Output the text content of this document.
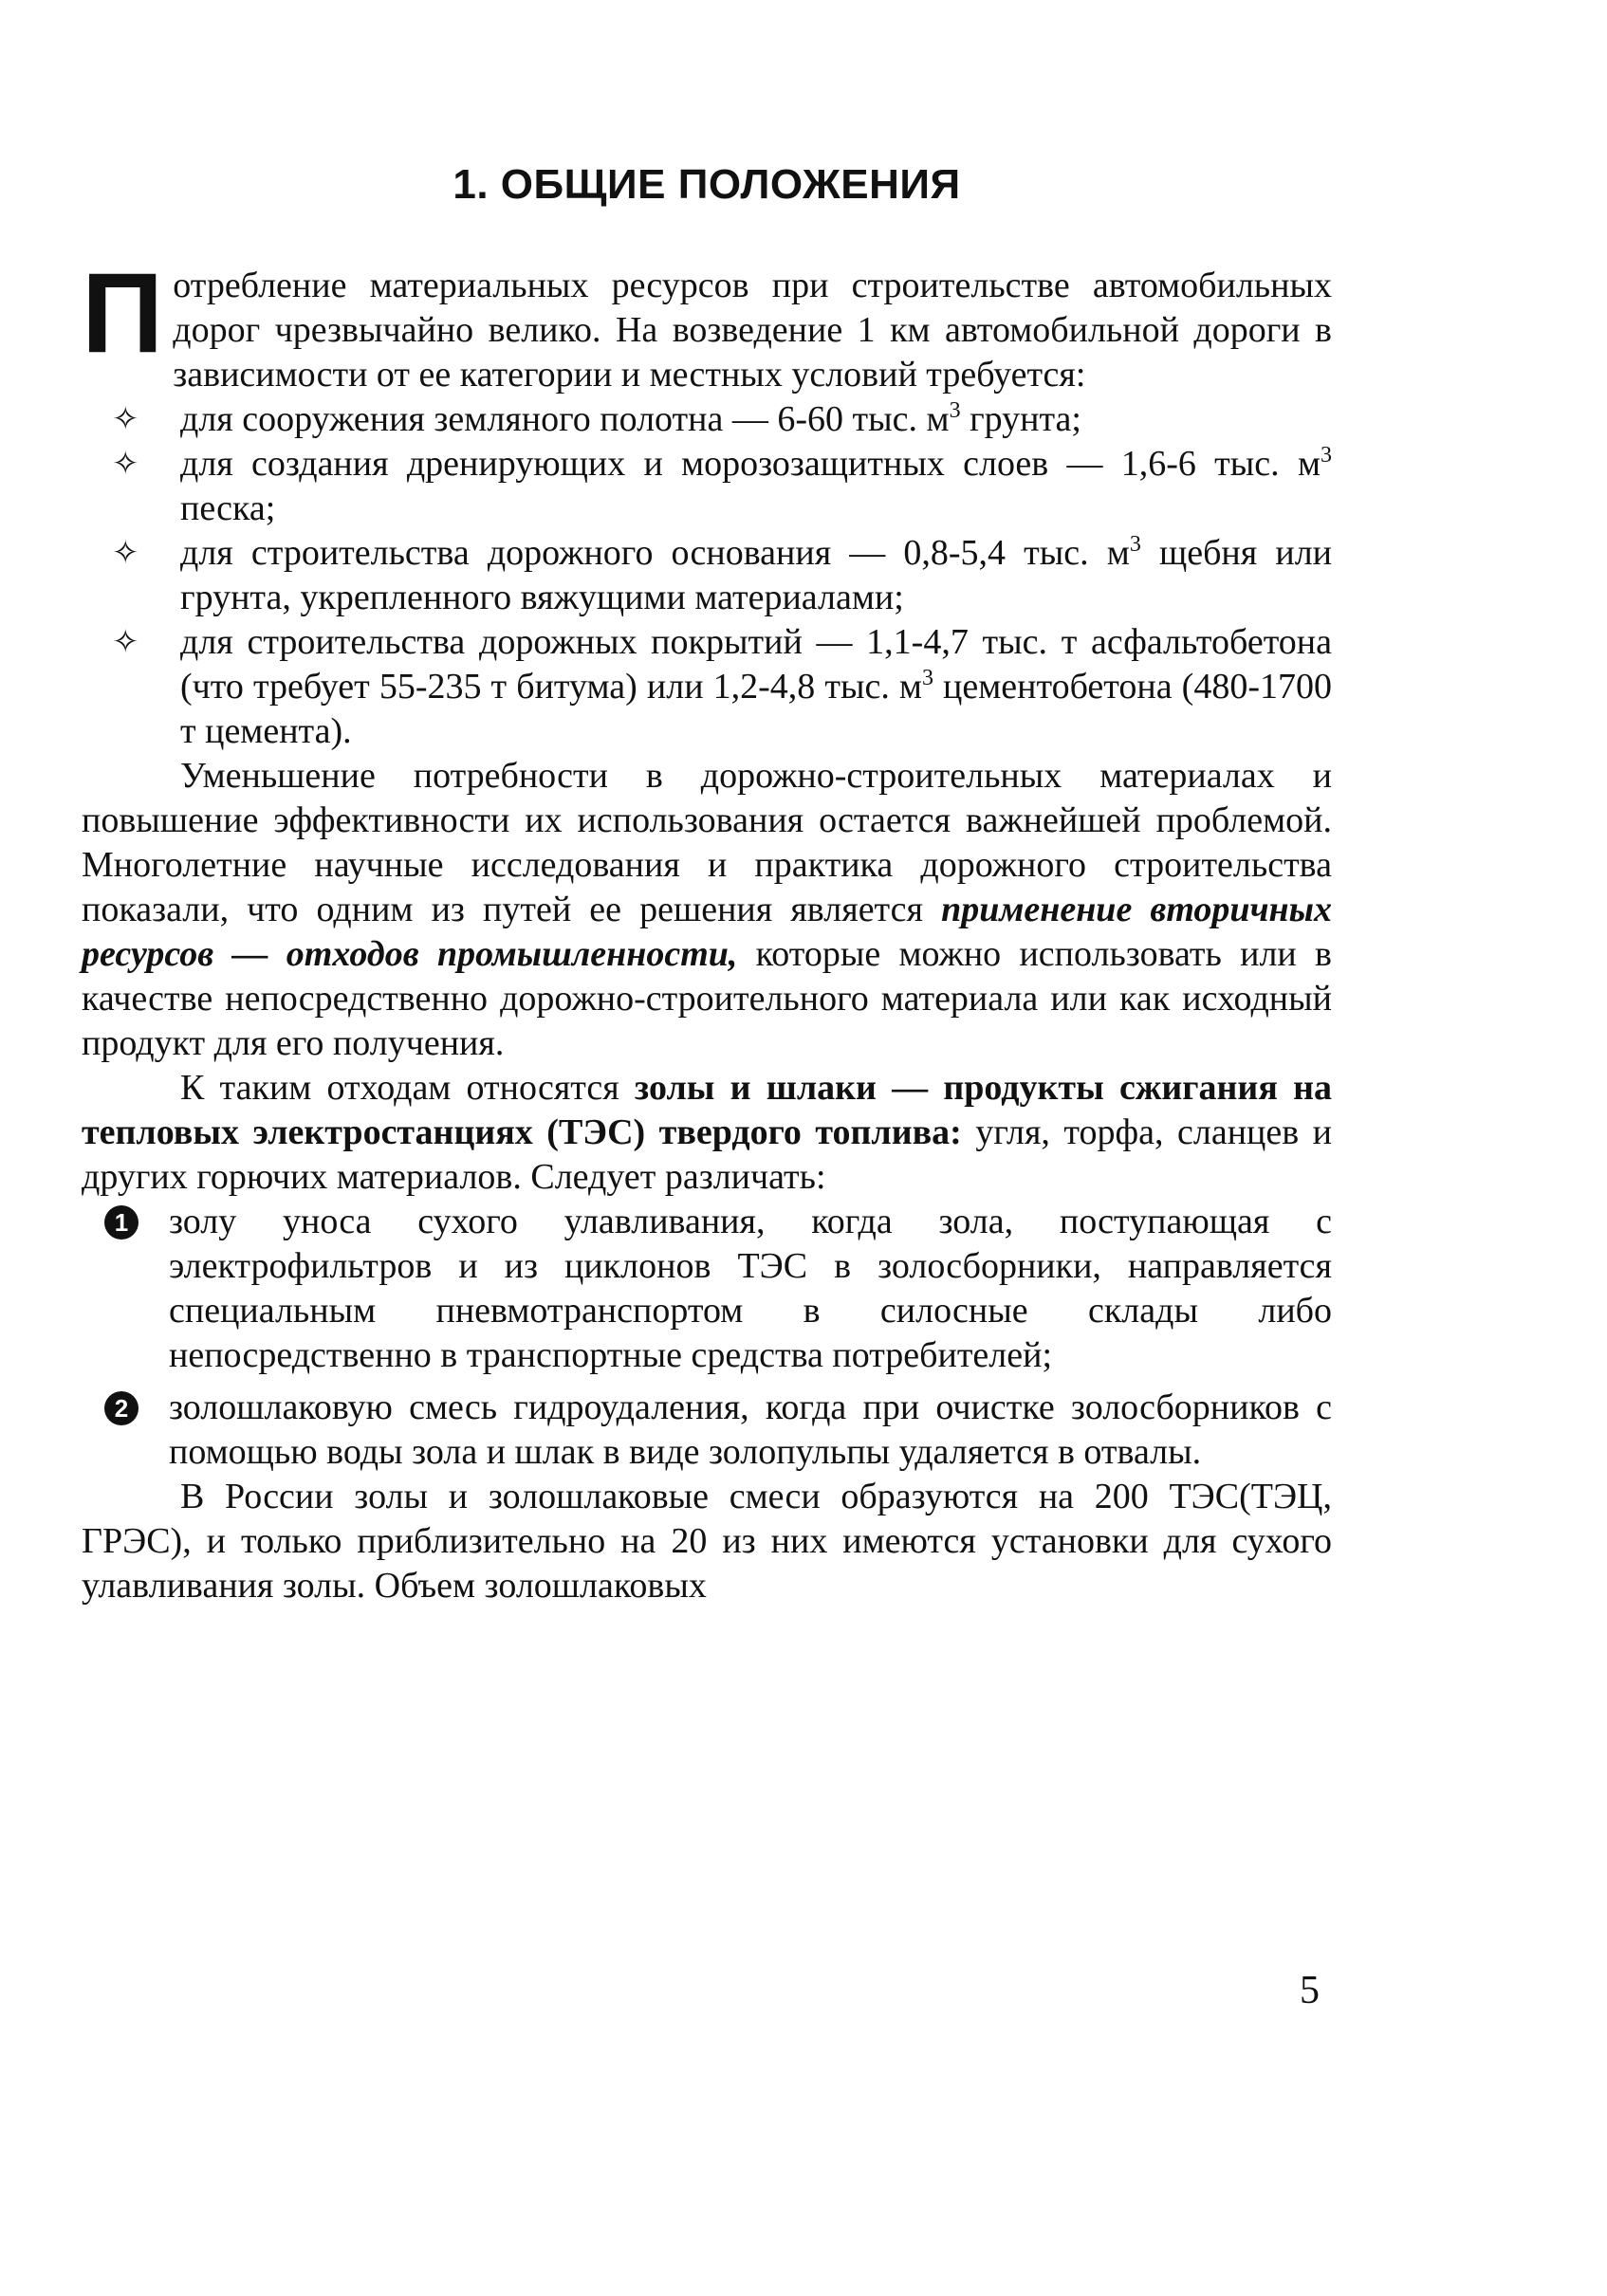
1. ОБЩИЕ ПОЛОЖЕНИЯ

Потребление материальных ресурсов при строительстве автомобильных дорог чрезвычайно велико. На возведение 1 км автомобильной дороги в зависимости от ее категории и местных условий требуется:

✧ для сооружения земляного полотна — 6-60 тыс. $м^3$ грунта;
✧ для создания дренирующих и морозозащитных слоев — 1,6-6 тыс. $м^3$ песка;
✧ для строительства дорожного основания — 0,8-5,4 тыс. $м^3$ щебня или грунта, укрепленного вяжущими материалами;
✧ для строительства дорожных покрытий — 1,1-4,7 тыс. т асфальтобетона (что требует 55-235 т битума) или 1,2-4,8 тыс. $м^3$ цементобетона (480-1700 т цемента).

Уменьшение потребности в дорожно-строительных материалах и повышение эффективности их использования остается важнейшей проблемой. Многолетние научные исследования и практика дорожного строительства показали, что одним из путей ее решения является применение вторичных ресурсов — отходов промышленности, которые можно использовать или в качестве непосредственно дорожно-строительного материала или как исходный продукт для его получения.

К таким отходам относятся золы и шлаки — продукты сжигания на тепловых электростанциях (ТЭС) твердого топлива: угля, торфа, сланцев и других горючих материалов. Следует различать:

1 золу уноса сухого улавливания, когда зола, поступающая с электрофильтров и из циклонов ТЭС в золосборники, направляется специальным пневмотранспортом в силосные склады либо непосредственно в транспортные средства потребителей;
2 золошлаковую смесь гидроудаления, когда при очистке золосборников с помощью воды зола и шлак в виде золопульпы удаляется в отвалы.

В России золы и золошлаковые смеси образуются на 200 ТЭС(ТЭЦ, ГРЭС), и только приблизительно на 20 из них имеются установки для сухого улавливания золы. Объем золошлаковых

5
